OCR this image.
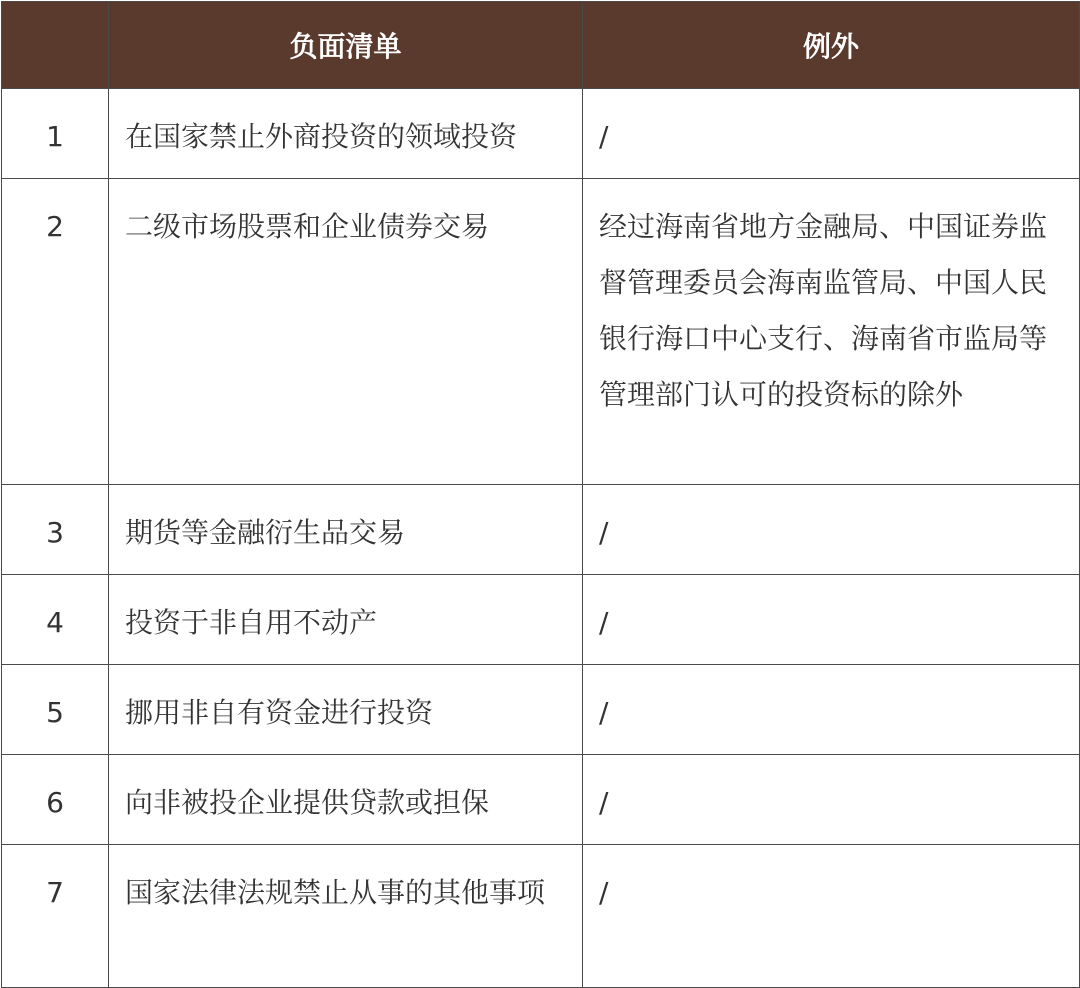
	负面清单	例外
1	在国家禁止外商投资的领域投资	/
2	二级市场股票和企业债券交易	经过海南省地方金融局、中国证券监督管理委员会海南监管局、中国人民银行海口中心支行、海南省市监局等管理部门认可的投资标的除外
3	期货等金融衍生品交易	/
4	投资于非自用不动产	/
5	挪用非自有资金进行投资	/
6	向非被投企业提供贷款或担保	/
7	国家法律法规禁止从事的其他事项	/
